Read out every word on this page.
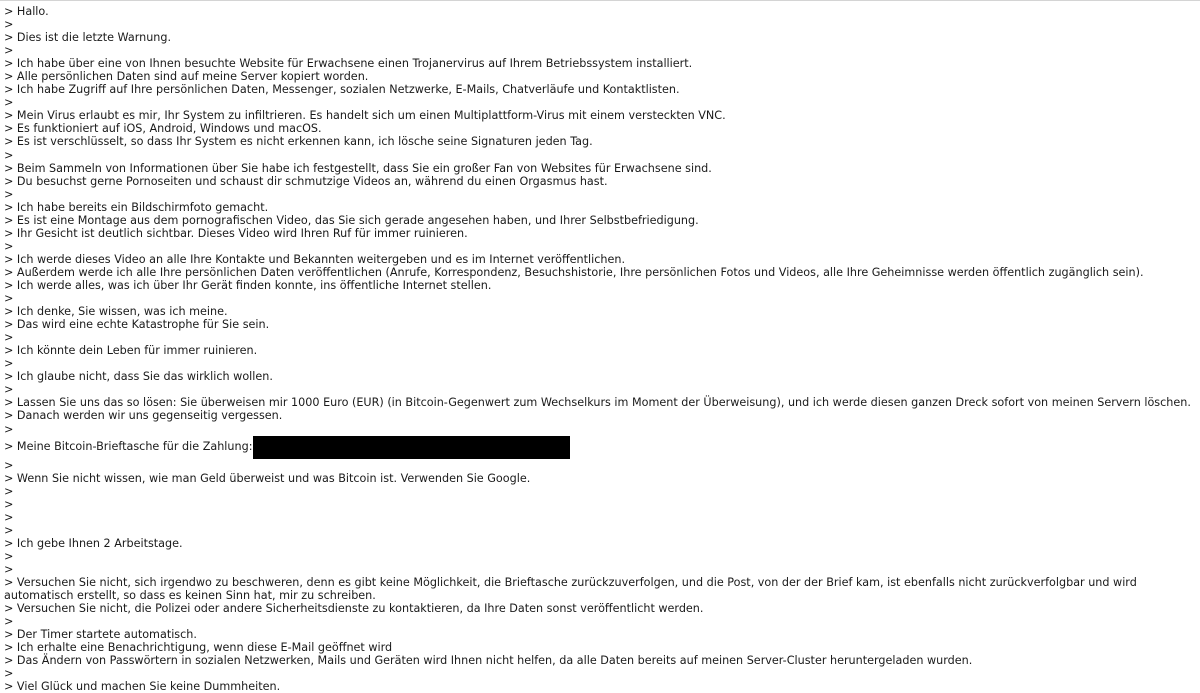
> Hallo.
>
> Dies ist die letzte Warnung.
>
> Ich habe über eine von Ihnen besuchte Website für Erwachsene einen Trojanervirus auf Ihrem Betriebssystem installiert.
> Alle persönlichen Daten sind auf meine Server kopiert worden.
> Ich habe Zugriff auf Ihre persönlichen Daten, Messenger, sozialen Netzwerke, E-Mails, Chatverläufe und Kontaktlisten.
>
> Mein Virus erlaubt es mir, Ihr System zu infiltrieren. Es handelt sich um einen Multiplattform-Virus mit einem versteckten VNC.
> Es funktioniert auf iOS, Android, Windows und macOS.
> Es ist verschlüsselt, so dass Ihr System es nicht erkennen kann, ich lösche seine Signaturen jeden Tag.
>
> Beim Sammeln von Informationen über Sie habe ich festgestellt, dass Sie ein großer Fan von Websites für Erwachsene sind.
> Du besuchst gerne Pornoseiten und schaust dir schmutzige Videos an, während du einen Orgasmus hast.
>
> Ich habe bereits ein Bildschirmfoto gemacht.
> Es ist eine Montage aus dem pornografischen Video, das Sie sich gerade angesehen haben, und Ihrer Selbstbefriedigung.
> Ihr Gesicht ist deutlich sichtbar. Dieses Video wird Ihren Ruf für immer ruinieren.
>
> Ich werde dieses Video an alle Ihre Kontakte und Bekannten weitergeben und es im Internet veröffentlichen.
> Außerdem werde ich alle Ihre persönlichen Daten veröffentlichen (Anrufe, Korrespondenz, Besuchshistorie, Ihre persönlichen Fotos und Videos, alle Ihre Geheimnisse werden öffentlich zugänglich sein).
> Ich werde alles, was ich über Ihr Gerät finden konnte, ins öffentliche Internet stellen.
>
> Ich denke, Sie wissen, was ich meine.
> Das wird eine echte Katastrophe für Sie sein.
>
> Ich könnte dein Leben für immer ruinieren.
>
> Ich glaube nicht, dass Sie das wirklich wollen.
>
> Lassen Sie uns das so lösen: Sie überweisen mir 1000 Euro (EUR) (in Bitcoin-Gegenwert zum Wechselkurs im Moment der Überweisung), und ich werde diesen ganzen Dreck sofort von meinen Servern löschen.
> Danach werden wir uns gegenseitig vergessen.
>
> Meine Bitcoin-Brieftasche für die Zahlung:
>
> Wenn Sie nicht wissen, wie man Geld überweist und was Bitcoin ist. Verwenden Sie Google.
>
>
>
>
> Ich gebe Ihnen 2 Arbeitstage.
>
>
> Versuchen Sie nicht, sich irgendwo zu beschweren, denn es gibt keine Möglichkeit, die Brieftasche zurückzuverfolgen, und die Post, von der der Brief kam, ist ebenfalls nicht zurückverfolgbar und wird automatisch erstellt, so dass es keinen Sinn hat, mir zu schreiben.
> Versuchen Sie nicht, die Polizei oder andere Sicherheitsdienste zu kontaktieren, da Ihre Daten sonst veröffentlicht werden.
>
> Der Timer startete automatisch.
> Ich erhalte eine Benachrichtigung, wenn diese E-Mail geöffnet wird
> Das Ändern von Passwörtern in sozialen Netzwerken, Mails und Geräten wird Ihnen nicht helfen, da alle Daten bereits auf meinen Server-Cluster heruntergeladen wurden.
>
> Viel Glück und machen Sie keine Dummheiten.
